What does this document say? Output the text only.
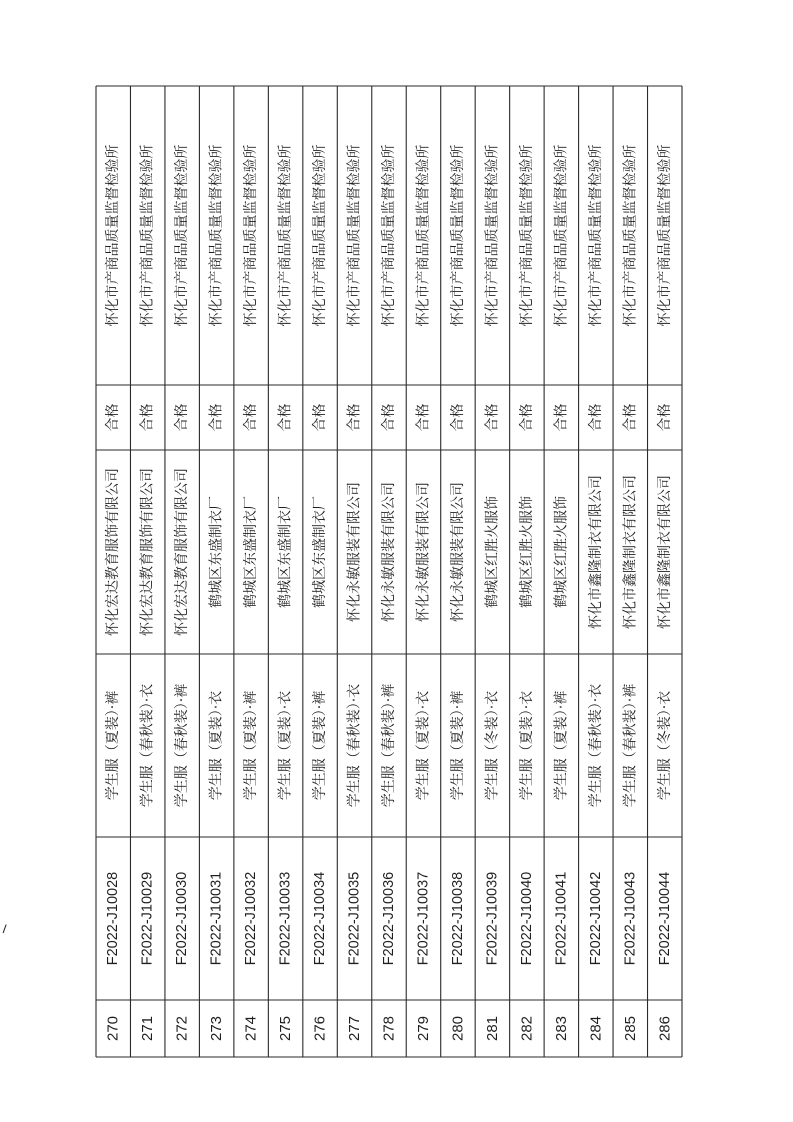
怀化市产商品质量监督检验所
合格
怀化宏达教育服饰有限公司
学生服（夏装）·裤
F2022-J10028
270
怀化市产商品质量监督检验所
合格
怀化宏达教育服饰有限公司
学生服（春秋装）·衣
F2022-J10029
271
怀化市产商品质量监督检验所
合格
怀化宏达教育服饰有限公司
学生服（春秋装）·裤
F2022-J10030
272
怀化市产商品质量监督检验所
合格
鹤城区东盛制衣厂
学生服（夏装）·衣
F2022-J10031
273
怀化市产商品质量监督检验所
合格
鹤城区东盛制衣厂
学生服（夏装）·裤
F2022-J10032
274
怀化市产商品质量监督检验所
合格
鹤城区东盛制衣厂
学生服（夏装）·衣
F2022-J10033
275
怀化市产商品质量监督检验所
合格
鹤城区东盛制衣厂
学生服（夏装）·裤
F2022-J10034
276
怀化市产商品质量监督检验所
合格
怀化永敏服装有限公司
学生服（春秋装）·衣
F2022-J10035
277
怀化市产商品质量监督检验所
合格
怀化永敏服装有限公司
学生服（春秋装）·裤
F2022-J10036
278
怀化市产商品质量监督检验所
合格
怀化永敏服装有限公司
学生服（夏装）·衣
F2022-J10037
279
怀化市产商品质量监督检验所
合格
怀化永敏服装有限公司
学生服（夏装）·裤
F2022-J10038
280
怀化市产商品质量监督检验所
合格
鹤城区红胜火服饰
学生服（冬装）·衣
F2022-J10039
281
怀化市产商品质量监督检验所
合格
鹤城区红胜火服饰
学生服（夏装）·衣
F2022-J10040
282
怀化市产商品质量监督检验所
合格
鹤城区红胜火服饰
学生服（夏装）·裤
F2022-J10041
283
怀化市产商品质量监督检验所
合格
怀化市鑫隆制衣有限公司
学生服（春秋装）·衣
F2022-J10042
284
怀化市产商品质量监督检验所
合格
怀化市鑫隆制衣有限公司
学生服（春秋装）·裤
F2022-J10043
285
怀化市产商品质量监督检验所
合格
怀化市鑫隆制衣有限公司
学生服（冬装）·衣
F2022-J10044
286
